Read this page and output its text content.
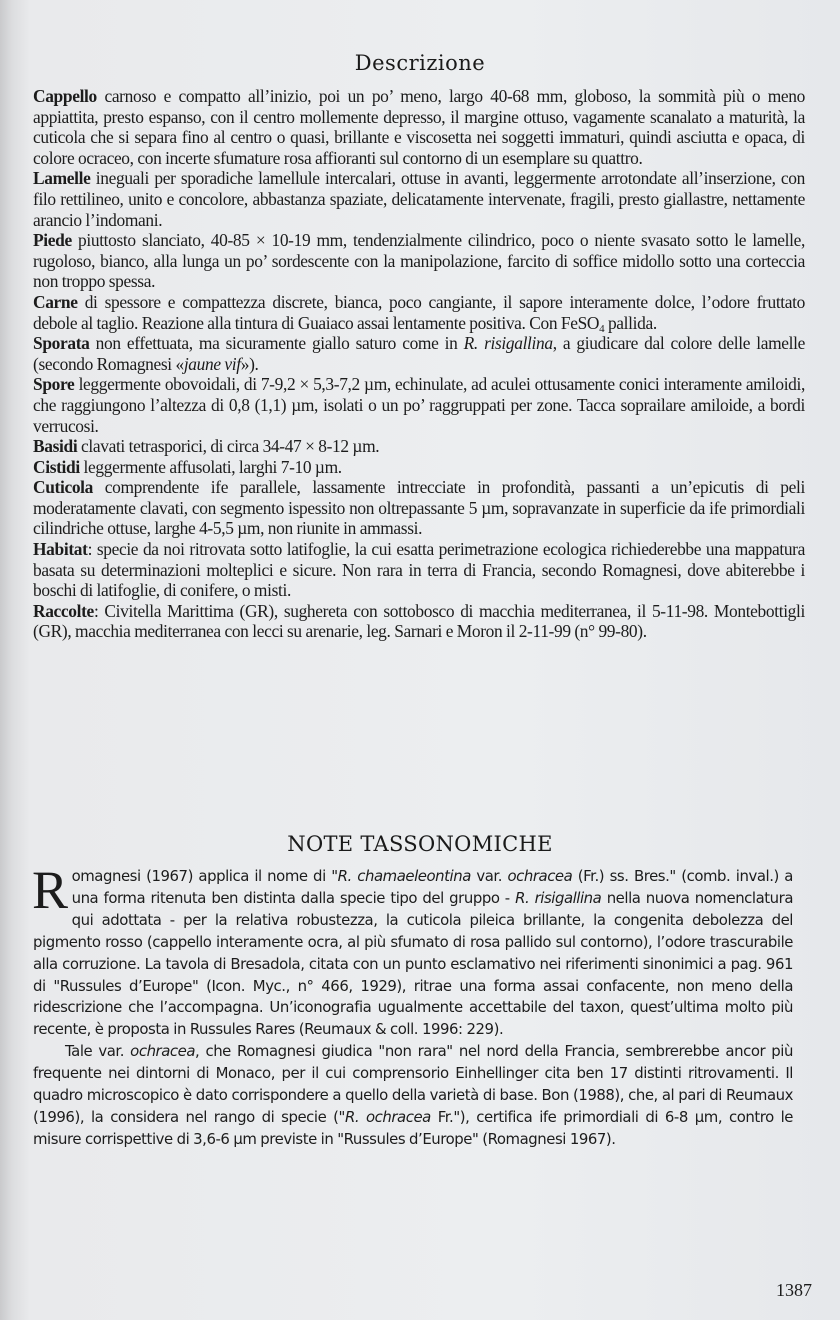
Descrizione

Cappello carnoso e compatto all’inizio, poi un po’ meno, largo 40-68 mm, globoso, la sommità più o meno appiattita, presto espanso, con il centro mollemente depresso, il margine ottuso, vagamente scanalato a maturità, la cuticola che si separa fino al centro o quasi, brillante e viscosetta nei soggetti immaturi, quindi asciutta e opaca, di colore ocraceo, con incerte sfumature rosa affioranti sul contorno di un esemplare su quattro.

Lamelle ineguali per sporadiche lamellule intercalari, ottuse in avanti, leggermente arrotondate all’inserzione, con filo rettilineo, unito e concolore, abbastanza spaziate, delicatamente intervenate, fragili, presto giallastre, nettamente arancio l’indomani.

Piede piuttosto slanciato, 40-85 × 10-19 mm, tendenzialmente cilindrico, poco o niente svasato sotto le lamelle, rugoloso, bianco, alla lunga un po’ sordescente con la manipolazione, farcito di soffice midollo sotto una corteccia non troppo spessa.

Carne di spessore e compattezza discrete, bianca, poco cangiante, il sapore interamente dolce, l’odore fruttato debole al taglio. Reazione alla tintura di Guaiaco assai lentamente positiva. Con FeSO$_4$ pallida.

Sporata non effettuata, ma sicuramente giallo saturo come in R. risigallina, a giudicare dal colore delle lamelle (secondo Romagnesi «jaune vif»).

Spore leggermente obovoidali, di 7-9,2 × 5,3-7,2 µm, echinulate, ad aculei ottusamente conici interamente amiloidi, che raggiungono l’altezza di 0,8 (1,1) µm, isolati o un po’ raggruppati per zone. Tacca soprailare amiloide, a bordi verrucosi.

Basidi clavati tetrasporici, di circa 34-47 × 8-12 µm.

Cistidi leggermente affusolati, larghi 7-10 µm.

Cuticola comprendente ife parallele, lassamente intrecciate in profondità, passanti a un’epicutis di peli moderatamente clavati, con segmento ispessito non oltrepassante 5 µm, sopravanzate in superficie da ife primordiali cilindriche ottuse, larghe 4-5,5 µm, non riunite in ammassi.

Habitat: specie da noi ritrovata sotto latifoglie, la cui esatta perimetrazione ecologica richiederebbe una mappatura basata su determinazioni molteplici e sicure. Non rara in terra di Francia, secondo Romagnesi, dove abiterebbe i boschi di latifoglie, di conifere, o misti.

Raccolte: Civitella Marittima (GR), sughereta con sottobosco di macchia mediterranea, il 5-11-98. Montebottigli (GR), macchia mediterranea con lecci su arenarie, leg. Sarnari e Moron il 2-11-99 (n° 99-80).

NOTE TASSONOMICHE

Romagnesi (1967) applica il nome di "R. chamaeleontina var. ochracea (Fr.) ss. Bres." (comb. inval.) a una forma ritenuta ben distinta dalla specie tipo del gruppo - R. risigallina nella nuova nomenclatura qui adottata - per la relativa robustezza, la cuticola pileica brillante, la congenita debolezza del pigmento rosso (cappello interamente ocra, al più sfumato di rosa pallido sul contorno), l’odore trascurabile alla corruzione. La tavola di Bresadola, citata con un punto esclamativo nei riferimenti sinonimici a pag. 961 di "Russules d’Europe" (Icon. Myc., n° 466, 1929), ritrae una forma assai confacente, non meno della ridescrizione che l’accompagna. Un’iconografia ugualmente accettabile del taxon, quest’ultima molto più recente, è proposta in Russules Rares (Reumaux & coll. 1996: 229).

Tale var. ochracea, che Romagnesi giudica "non rara" nel nord della Francia, sembrerebbe ancor più frequente nei dintorni di Monaco, per il cui comprensorio Einhellinger cita ben 17 distinti ritrovamenti. Il quadro microscopico è dato corrispondere a quello della varietà di base. Bon (1988), che, al pari di Reumaux (1996), la considera nel rango di specie ("R. ochracea Fr."), certifica ife primordiali di 6-8 µm, contro le misure corrispettive di 3,6-6 µm previste in "Russules d’Europe" (Romagnesi 1967).

1387
